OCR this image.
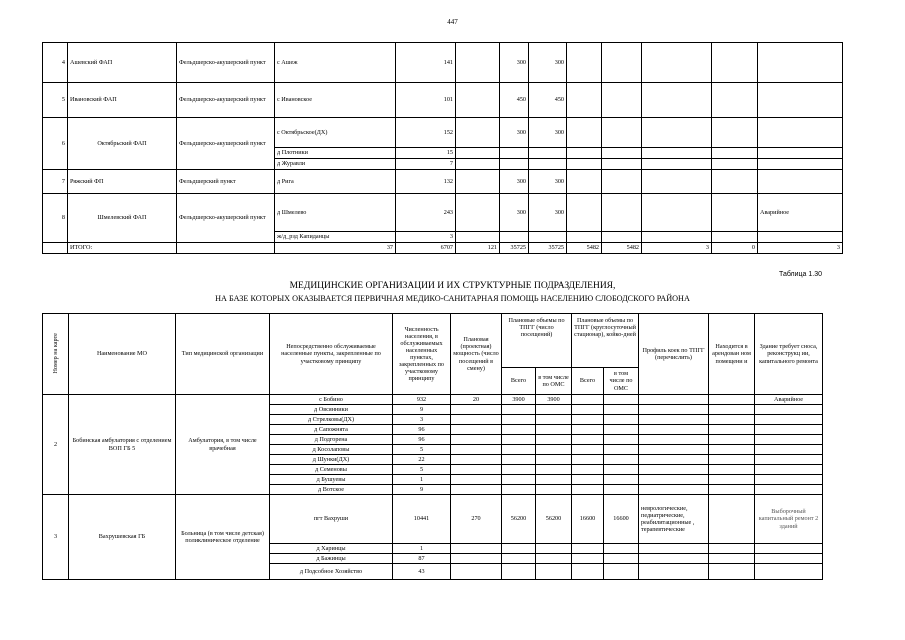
447
4	Ашевский ФАП	Фельдшерско-акушерский пункт	с Ашеж	141		300	300					
5	Ивановский ФАП	Фельдшерско-акушерский пункт	с Ивановское	101		450	450					
6	Октябрьский ФАП	Фельдшерско-акушерский пункт	с Октябрьское(ДХ)	152		300	300					
			д Плотники	15								
			д Журавли	7								
7	Ряжский ФП	Фельдшерский пункт	д Рига	132		300	300					
8	Шмелевский ФАП	Фельдшерско-акушерский пункт	д Шмелево	243		300	300					Аварийное
			ж/д_рзд Капиданцы	3								
	ИТОГО:		37	6707	121	35725	35725	5482	5482	3	0	3
Таблица 1.30
МЕДИЦИНСКИЕ ОРГАНИЗАЦИИ И ИХ СТРУКТУРНЫЕ ПОДРАЗДЕЛЕНИЯ,
НА БАЗЕ КОТОРЫХ ОКАЗЫВАЕТСЯ ПЕРВИЧНАЯ МЕДИКО-САНИТАРНАЯ ПОМОЩЬ НАСЕЛЕНИЮ СЛОБОДСКОГО РАЙОНА
Номер на карте	Наименование МО	Тип медицинской организации	Непосредственно обслуживаемые населенные пункты, закрепленные по участковому принципу	Численность населения, в обслуживаемых населенных пунктах, закрепленных по участковому принципу	Плановая (проектная) мощность (число посещений в смену)	Плановые объемы по ТПГГ (число посещений)		Плановые объемы по ТПГГ (круглосуточный стационар), койко-дней		Профиль коек по ТПГГ (перечислить)	Находится в арендован ном помещени и	Здание требует сноса, реконструкц ии, капитального ремонта
						Всего	в том числе по ОМС	Всего	в том числе по ОМС			
2	Бобинская амбулатория с отделением ВОП ГБ 5	Амбулатория, в том числе врачебная	с Бобино	932	20	3900	3900					Аварийное
			д Овсянники	9								
			д Стрелковы(ДХ)	3								
			д Сапожнята	96								
			д Подгорена	96								
			д Косолаповы	5								
			д Шунки(ДХ)	22								
			д Семеновы	5								
			д Бушуевы	1								
			д Вотское	9								
3	Вахрушевская ГБ	Больница (в том числе детская) поликлиническое отделение	пгт Вахруши	10441	270	56200	56200	16600	16600	неврологические, педиатрические, реабилитационные , терапевтические		Выборочный капитальный ремонт 2 зданий
			д Харинцы	1								
			д Бажинцы	87								
			д Подсобное Хозяйство	43								
